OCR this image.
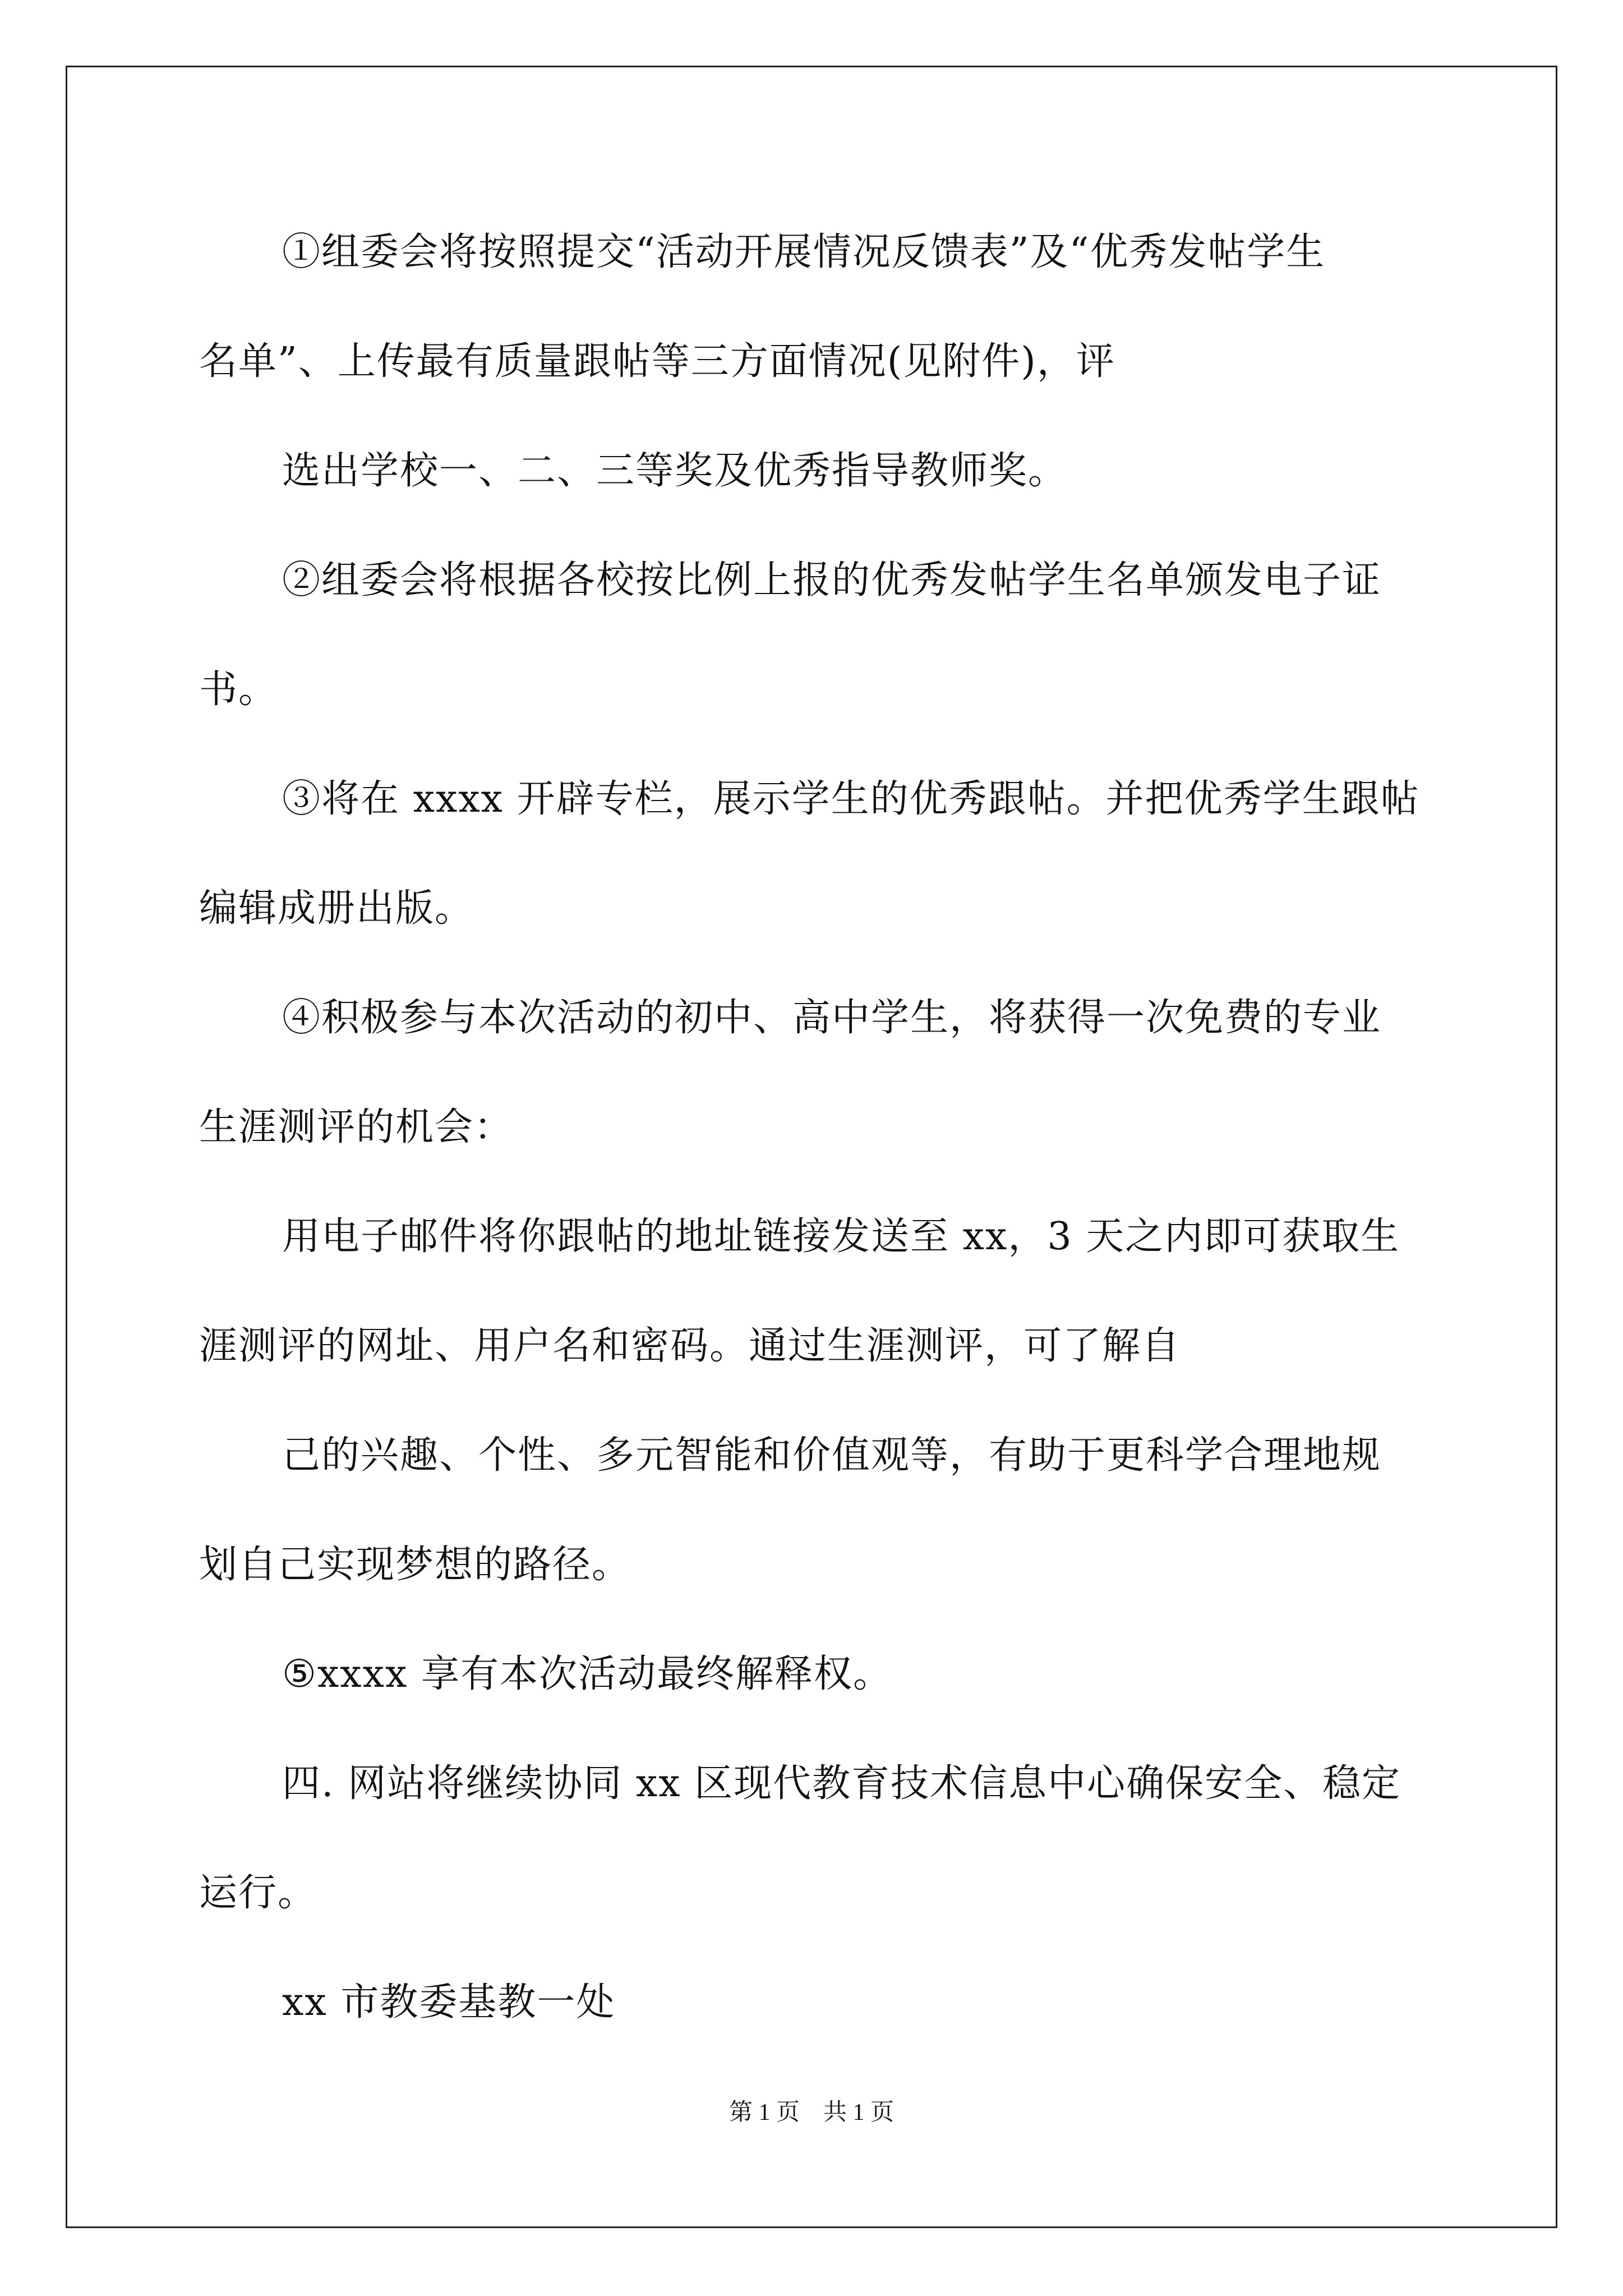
①组委会将按照提交“活动开展情况反馈表”及“优秀发帖学生
名单”、上传最有质量跟帖等三方面情况(见附件)，评
选出学校一、二、三等奖及优秀指导教师奖。
②组委会将根据各校按比例上报的优秀发帖学生名单颁发电子证
书。
③将在 xxxx 开辟专栏，展示学生的优秀跟帖。并把优秀学生跟帖
编辑成册出版。
④积极参与本次活动的初中、高中学生，将获得一次免费的专业
生涯测评的机会：
用电子邮件将你跟帖的地址链接发送至 xx，3 天之内即可获取生
涯测评的网址、用户名和密码。通过生涯测评，可了解自
己的兴趣、个性、多元智能和价值观等，有助于更科学合理地规
划自己实现梦想的路径。
⑤xxxx 享有本次活动最终解释权。
四. 网站将继续协同 xx 区现代教育技术信息中心确保安全、稳定
运行。
xx 市教委基教一处
第 1 页　共 1 页
